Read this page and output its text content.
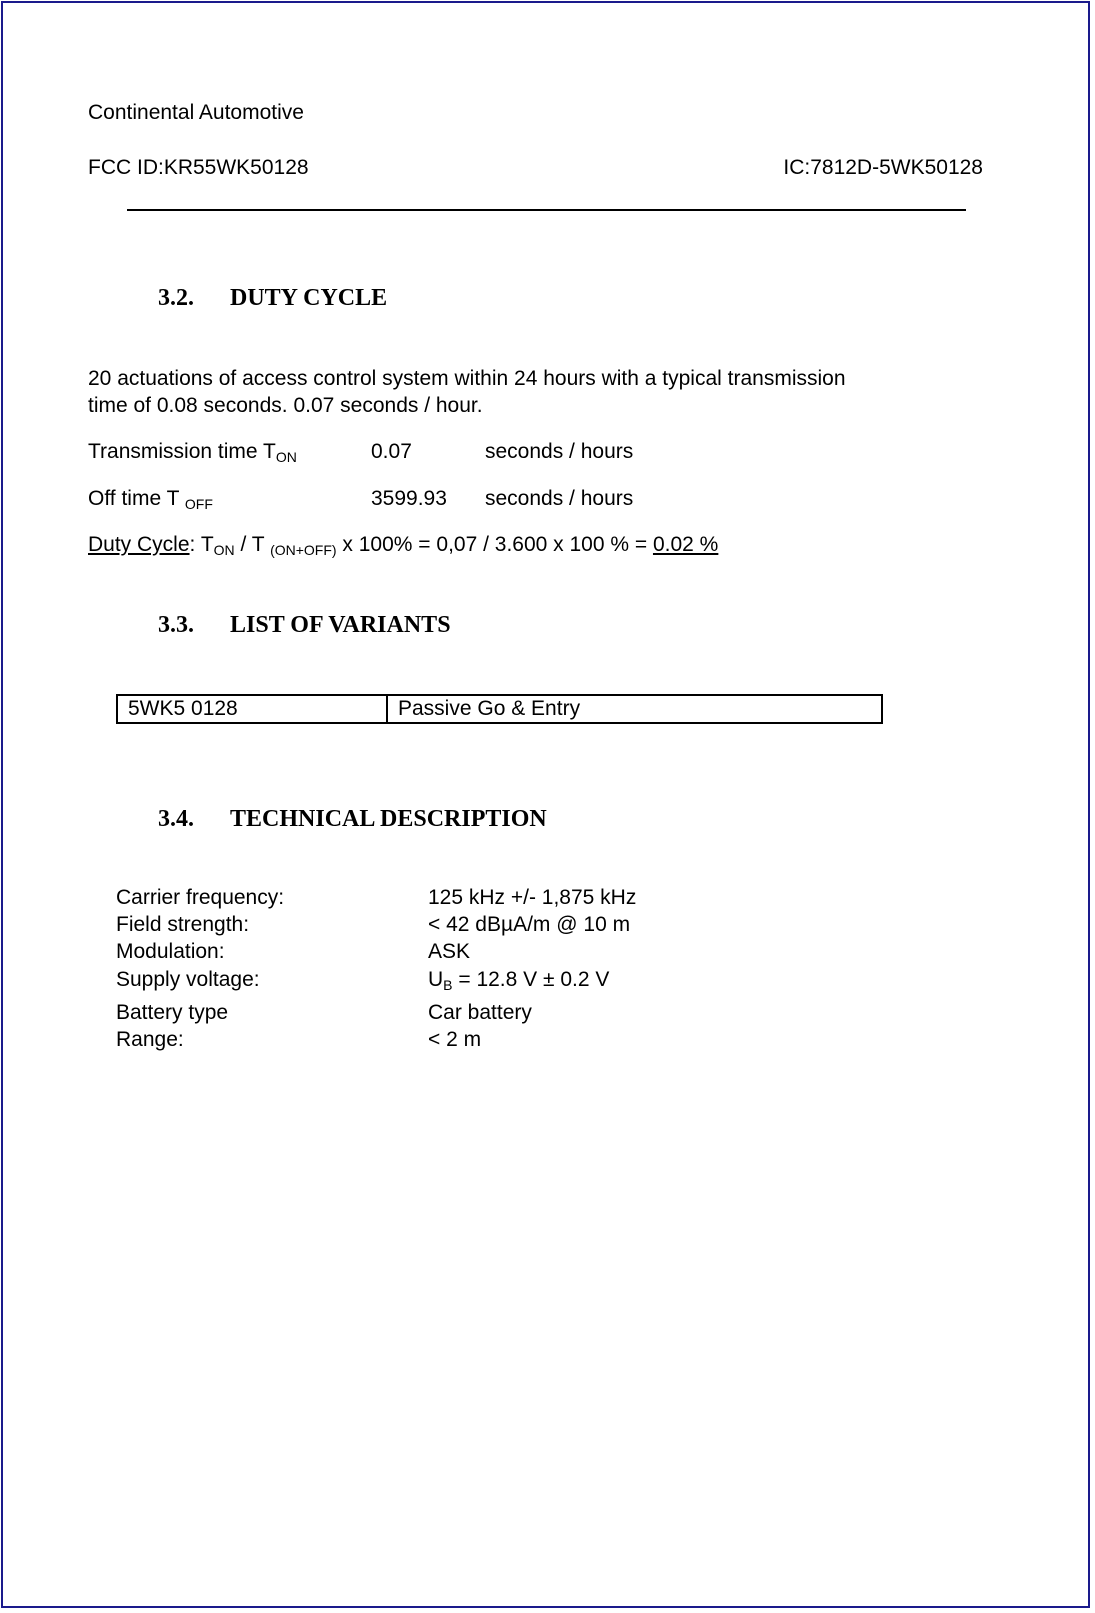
Continental Automotive
FCC ID:KR55WK50128	IC:7812D-5WK50128
3.2. DUTY CYCLE
20 actuations of access control system within 24 hours with a typical transmission
time of 0.08 seconds. 0.07 seconds / hour.
Transmission time $T_{ON}$	0.07	seconds / hours
Off time T $_{OFF}$	3599.93 seconds / hours
Duty Cycle: $T_{ON}$ / T $_{(ON+OFF)}$ x 100% = 0,07 / 3.600 x 100 % = 0.02 %
3.3. LIST OF VARIANTS
5WK5 0128	Passive Go & Entry
3.4. TECHNICAL DESCRIPTION
Carrier frequency:	125 kHz +/- 1,875 kHz
Field strength:	< 42 dBµA/m @ 10 m
Modulation:	ASK
Supply voltage:	$U_B = 12.8$ V ± 0.2 V
Battery type	Car battery
Range:	< 2 m
